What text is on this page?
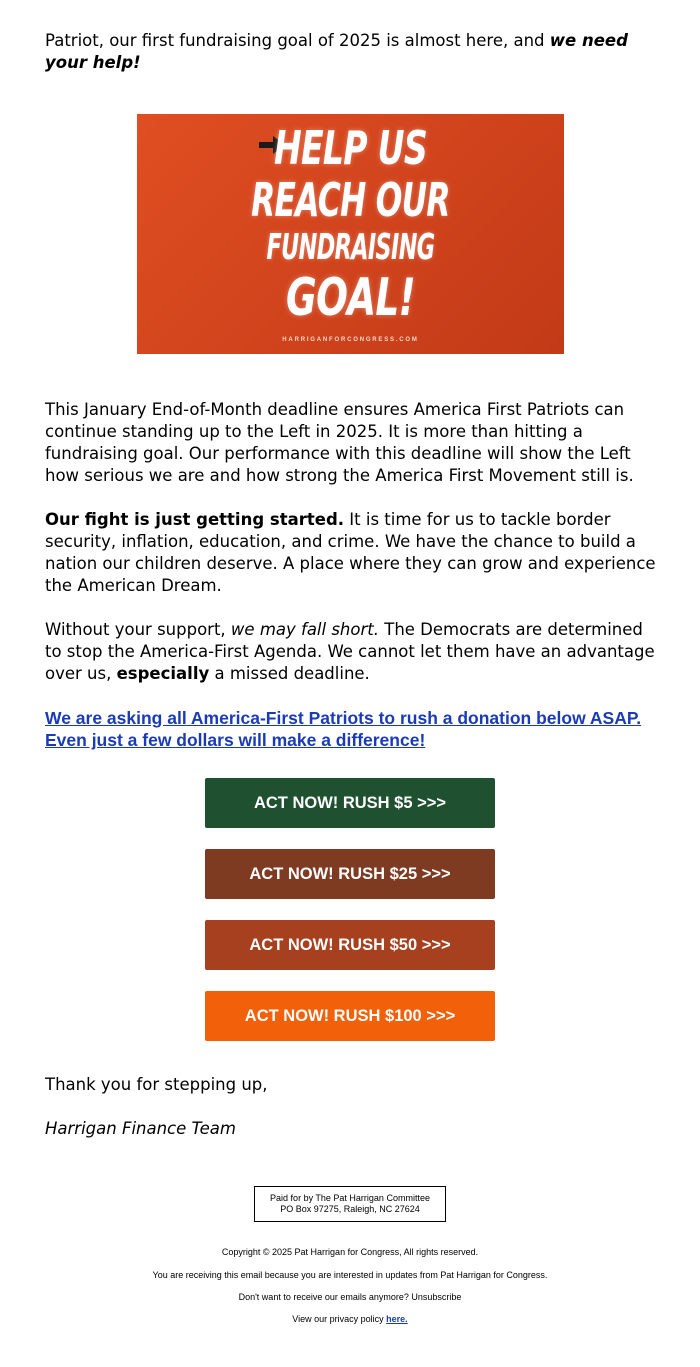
Patriot, our first fundraising goal of 2025 is almost here, and we need your help!
HELP US
REACH OUR
FUNDRAISING
GOAL!
HARRIGANFORCONGRESS.COM

This January End-of-Month deadline ensures America First Patriots can continue standing up to the Left in 2025. It is more than hitting a fundraising goal. Our performance with this deadline will show the Left how serious we are and how strong the America First Movement still is.

Our fight is just getting started. It is time for us to tackle border security, inflation, education, and crime. We have the chance to build a nation our children deserve. A place where they can grow and experience the American Dream.

Without your support, we may fall short. The Democrats are determined to stop the America-First Agenda. We cannot let them have an advantage over us, especially a missed deadline.

We are asking all America-First Patriots to rush a donation below ASAP. Even just a few dollars will make a difference!
ACT NOW! RUSH $5 >>>
ACT NOW! RUSH $25 >>>
ACT NOW! RUSH $50 >>>
ACT NOW! RUSH $100 >>>

Thank you for stepping up,

Harrigan Finance Team

Paid for by The Pat Harrigan Committee
PO Box 97275, Raleigh, NC 27624
Copyright © 2025 Pat Harrigan for Congress, All rights reserved.
You are receiving this email because you are interested in updates from Pat Harrigan for Congress.
Don't want to receive our emails anymore? Unsubscribe
View our privacy policy here.
